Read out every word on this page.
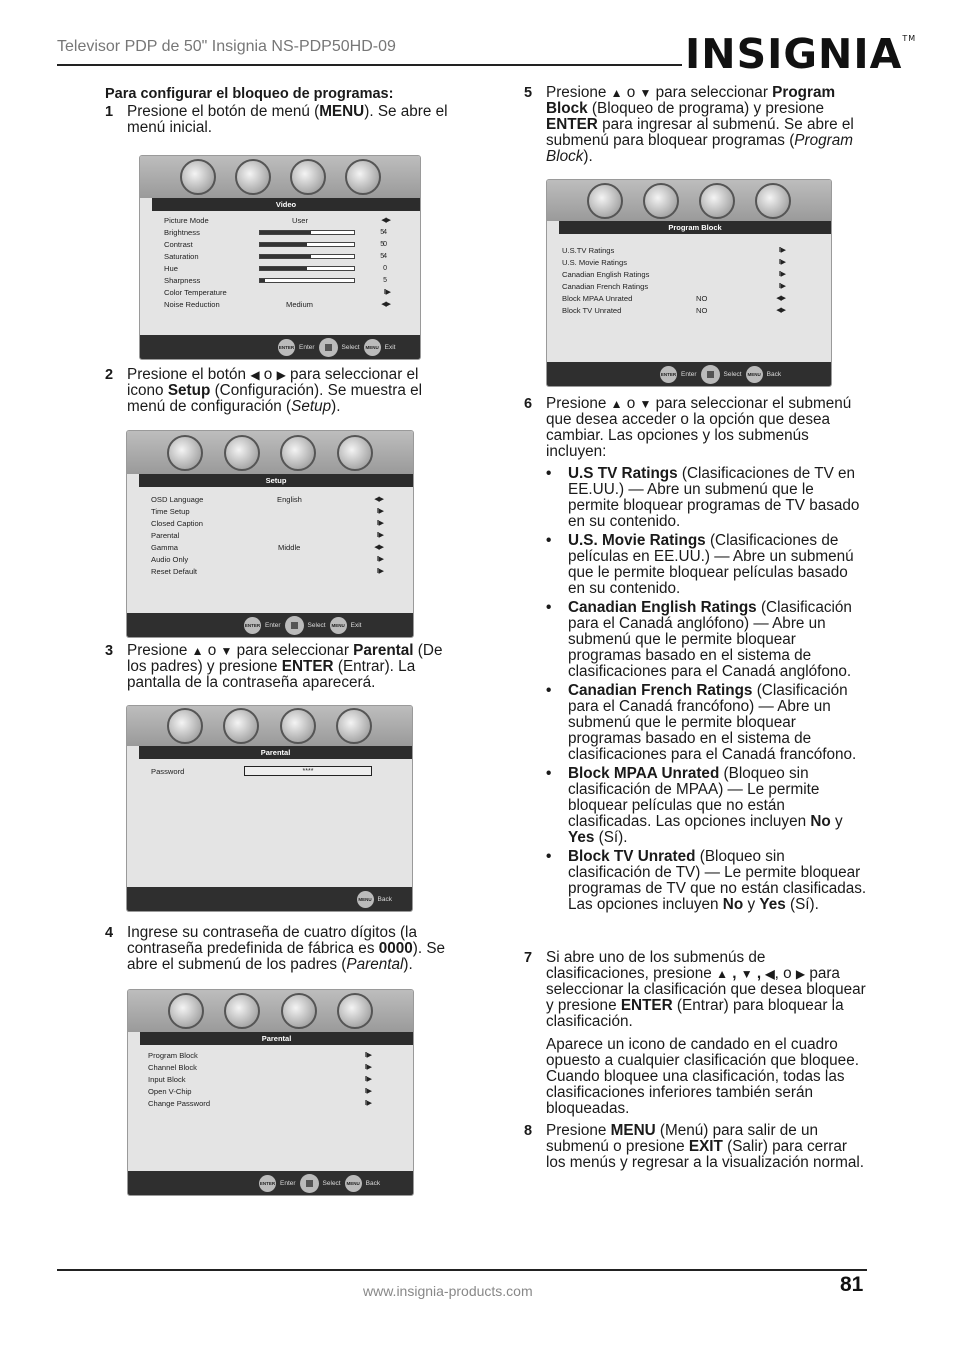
Televisor PDP de 50" Insignia NS-PDP50HD-09	INSIGNIA™

Para configurar el bloqueo de programas:

1 Presione el botón de menú (MENU). Se abre el menú inicial.
Video
Picture Mode	User	◀▶
Brightness	54
Contrast	50
Saturation	54
Hue	0
Sharpness	5
Color Temperature	II▶
Noise Reduction	Medium	◀▶
ENTER Enter	Select	MENU Exit
2 Presione el botón ◀ o ▶ para seleccionar el icono Setup (Configuración). Se muestra el menú de configuración (Setup).
Setup
OSD Language	English	◀▶
Time Setup	II▶
Closed Caption	II▶
Parental	II▶
Gamma	Middle	◀▶
Audio Only	II▶
Reset Default	II▶
ENTER Enter	Select	MENU Exit
3 Presione ▲ o ▼ para seleccionar Parental (De los padres) y presione ENTER (Entrar). La pantalla de la contraseña aparecerá.
Parental
Password	****
MENU Back
4 Ingrese su contraseña de cuatro dígitos (la contraseña predefinida de fábrica es 0000). Se abre el submenú de los padres (Parental).
Parental
Program Block	II▶
Channel Block	II▶
Input Block	II▶
Open V-Chip	II▶
Change Password	II▶
ENTER Enter	Select	MENU Back
5 Presione ▲ o ▼ para seleccionar Program Block (Bloqueo de programa) y presione ENTER para ingresar al submenú. Se abre el submenú para bloquear programas (Program Block).
Program Block
U.S.TV Ratings	II▶
U.S. Movie Ratings	II▶
Canadian English Ratings	II▶
Canadian French Ratings	II▶
Block MPAA Unrated	NO	◀▶
Block TV Unrated	NO	◀▶
ENTER Enter	Select	MENU Back
6 Presione ▲ o ▼ para seleccionar el submenú que desea acceder o la opción que desea cambiar. Las opciones y los submenús incluyen:
• U.S TV Ratings (Clasificaciones de TV en EE.UU.) — Abre un submenú que le permite bloquear programas de TV basado en su contenido.
• U.S. Movie Ratings (Clasificaciones de películas en EE.UU.) — Abre un submenú que le permite bloquear películas basado en su contenido.
• Canadian English Ratings (Clasificación para el Canadá anglófono) — Abre un submenú que le permite bloquear programas basado en el sistema de clasificaciones para el Canadá anglófono.
• Canadian French Ratings (Clasificación para el Canadá francófono) — Abre un submenú que le permite bloquear programas basado en el sistema de clasificaciones para el Canadá francófono.
• Block MPAA Unrated (Bloqueo sin clasificación de MPAA) — Le permite bloquear películas que no están clasificadas. Las opciones incluyen No y Yes (Sí).
• Block TV Unrated (Bloqueo sin clasificación de TV) — Le permite bloquear programas de TV que no están clasificadas. Las opciones incluyen No y Yes (Sí).
7 Si abre uno de los submenús de clasificaciones, presione ▲ , ▼ , ◀, o ▶ para seleccionar la clasificación que desea bloquear y presione ENTER (Entrar) para bloquear la clasificación.

Aparece un icono de candado en el cuadro opuesto a cualquier clasificación que bloquee. Cuando bloquee una clasificación, todas las clasificaciones inferiores también serán bloqueadas.

8 Presione MENU (Menú) para salir de un submenú o presione EXIT (Salir) para cerrar los menús y regresar a la visualización normal.
www.insignia-products.com	81
